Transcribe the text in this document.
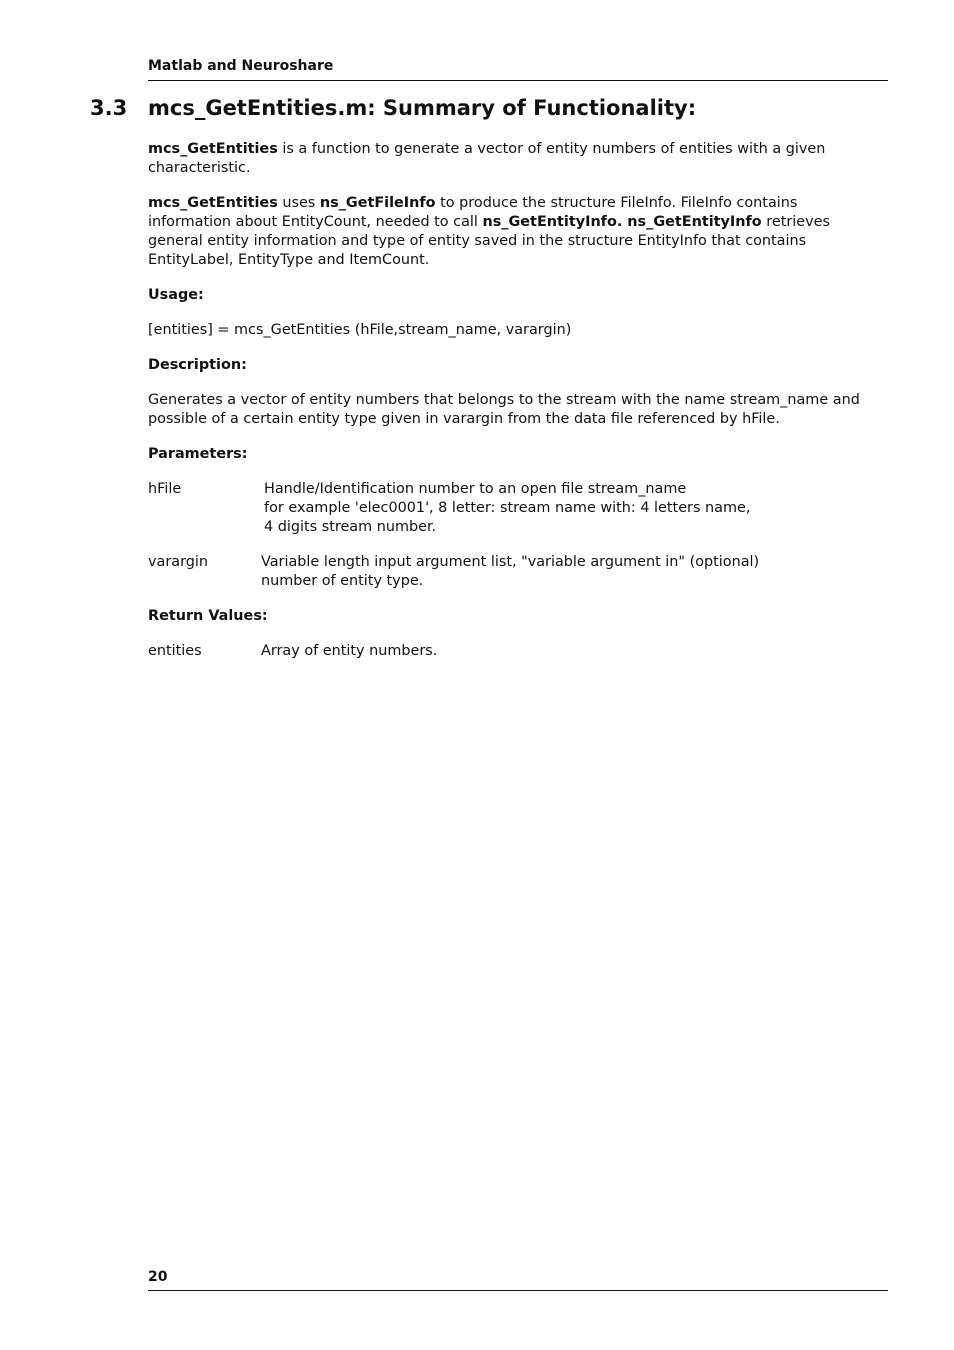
Matlab and Neuroshare
3.3 mcs_GetEntities.m: Summary of Functionality:

mcs_GetEntities is a function to generate a vector of entity numbers of entities with a given characteristic.

mcs_GetEntities uses ns_GetFileInfo to produce the structure FileInfo. FileInfo contains information about EntityCount, needed to call ns_GetEntityInfo. ns_GetEntityInfo retrieves general entity information and type of entity saved in the structure EntityInfo that contains EntityLabel, EntityType and ItemCount.

Usage:

[entities] = mcs_GetEntities (hFile,stream_name, varargin)

Description:

Generates a vector of entity numbers that belongs to the stream with the name stream_name and possible of a certain entity type given in varargin from the data file referenced by hFile.

Parameters:

hFile	Handle/Identification number to an open file stream_name
for example 'elec0001', 8 letter: stream name with: 4 letters name,
4 digits stream number.
varargin	Variable length input argument list, "variable argument in" (optional)
number of entity type.

Return Values:

entities	Array of entity numbers.
20
